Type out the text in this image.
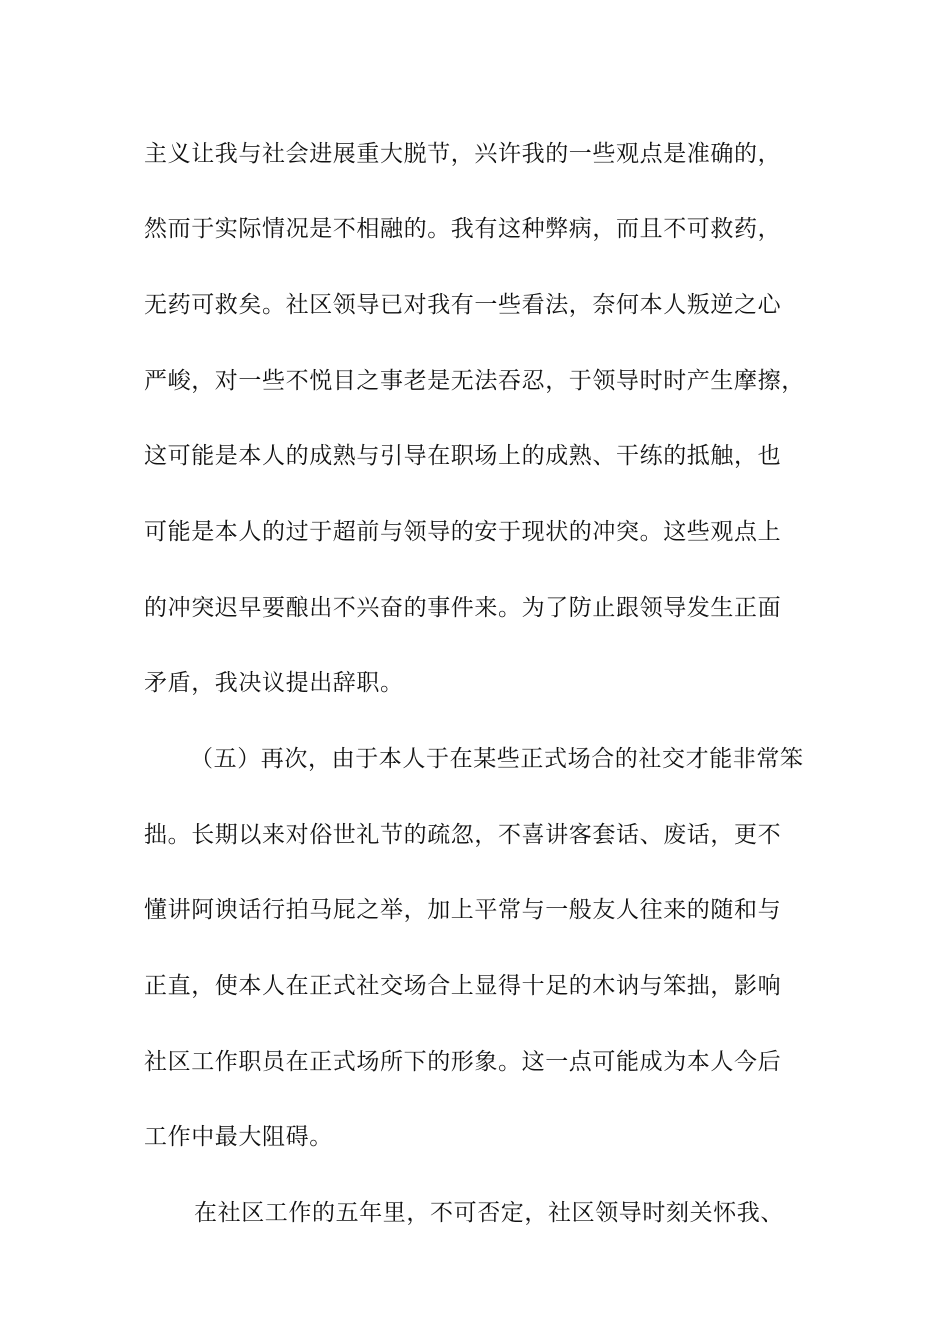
主义让我与社会进展重大脱节，兴许我的一些观点是准确的，
然而于实际情况是不相融的。我有这种弊病，而且不可救药，
无药可救矣。社区领导已对我有一些看法，奈何本人叛逆之心
严峻，对一些不悦目之事老是无法吞忍，于领导时时产生摩擦，
这可能是本人的成熟与引导在职场上的成熟、干练的抵触，也
可能是本人的过于超前与领导的安于现状的冲突。这些观点上
的冲突迟早要酿出不兴奋的事件来。为了防止跟领导发生正面
矛盾，我决议提出辞职。
（五）再次，由于本人于在某些正式场合的社交才能非常笨
拙。长期以来对俗世礼节的疏忽，不喜讲客套话、废话，更不
懂讲阿谀话行拍马屁之举，加上平常与一般友人往来的随和与
正直，使本人在正式社交场合上显得十足的木讷与笨拙，影响
社区工作职员在正式场所下的形象。这一点可能成为本人今后
工作中最大阻碍。
在社区工作的五年里，不可否定，社区领导时刻关怀我、
